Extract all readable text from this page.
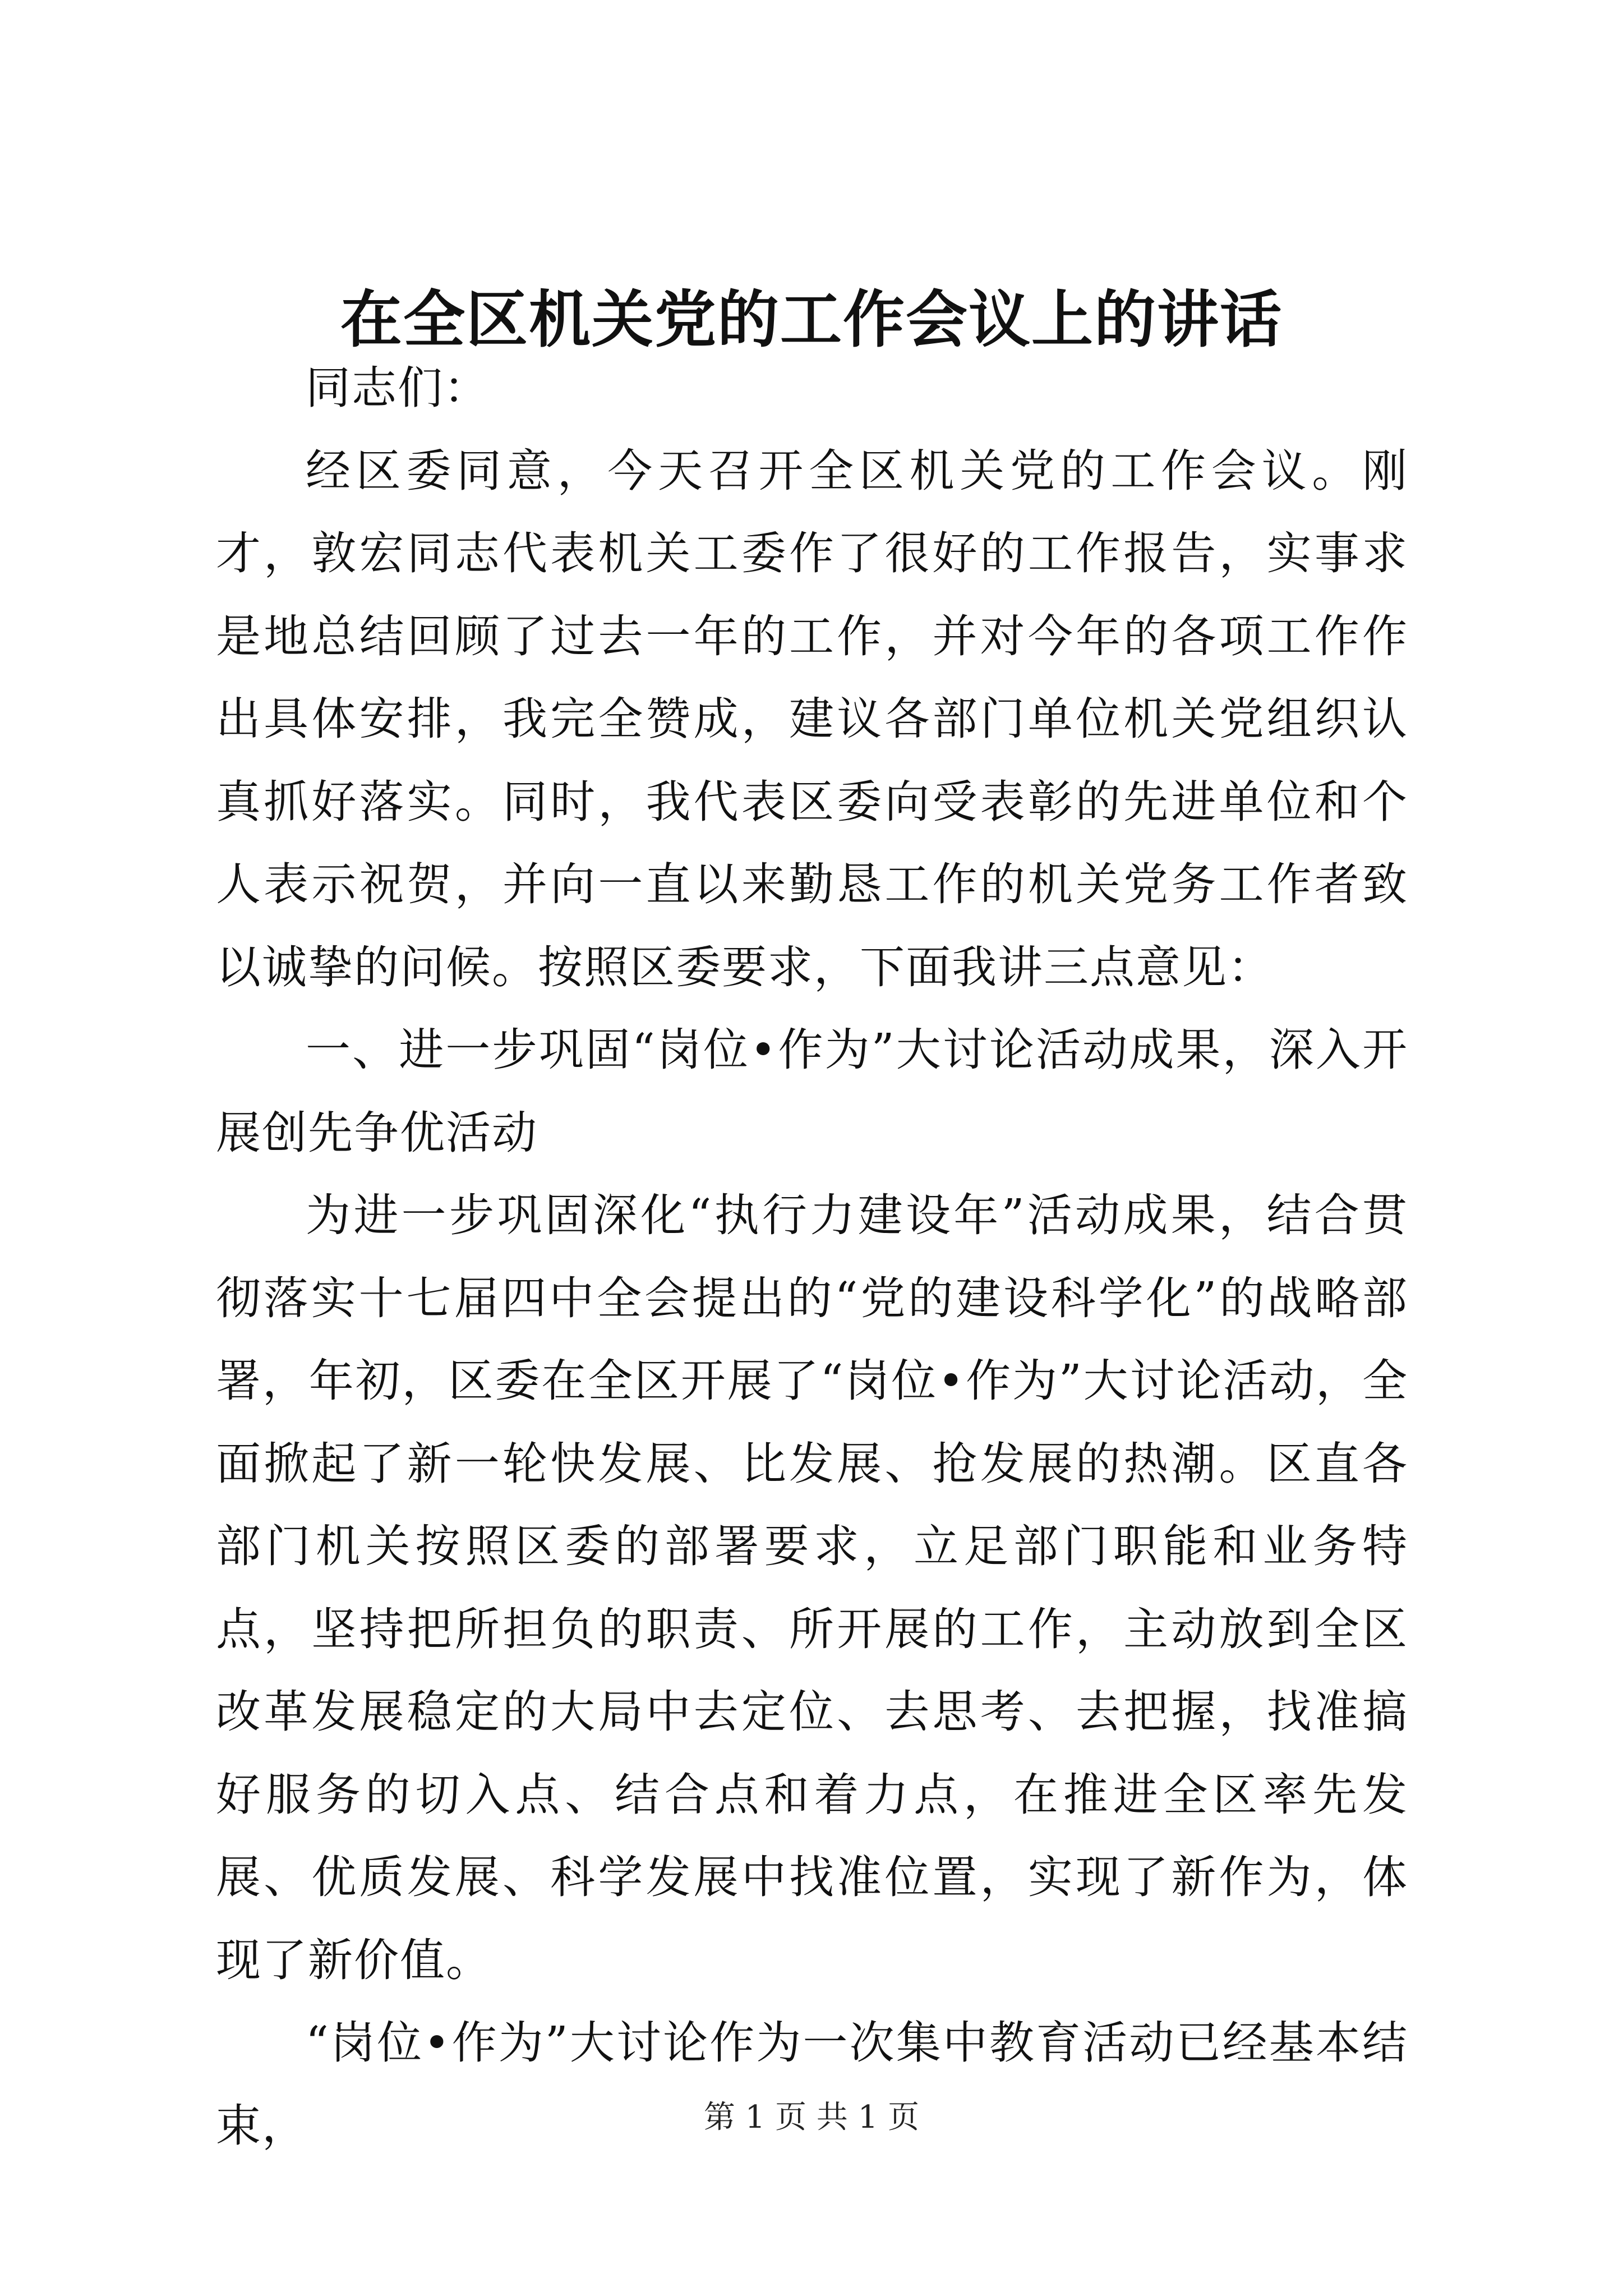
在全区机关党的工作会议上的讲话

同志们：

经区委同意，今天召开全区机关党的工作会议。刚才，敦宏同志代表机关工委作了很好的工作报告，实事求是地总结回顾了过去一年的工作，并对今年的各项工作作出具体安排，我完全赞成，建议各部门单位机关党组织认真抓好落实。同时，我代表区委向受表彰的先进单位和个人表示祝贺，并向一直以来勤恳工作的机关党务工作者致以诚挚的问候。按照区委要求，下面我讲三点意见：

一、进一步巩固“岗位•作为”大讨论活动成果，深入开展创先争优活动

为进一步巩固深化“执行力建设年”活动成果，结合贯彻落实十七届四中全会提出的“党的建设科学化”的战略部署，年初，区委在全区开展了“岗位•作为”大讨论活动，全面掀起了新一轮快发展、比发展、抢发展的热潮。区直各部门机关按照区委的部署要求，立足部门职能和业务特点，坚持把所担负的职责、所开展的工作，主动放到全区改革发展稳定的大局中去定位、去思考、去把握，找准搞好服务的切入点、结合点和着力点，在推进全区率先发展、优质发展、科学发展中找准位置，实现了新作为，体现了新价值。

“岗位•作为”大讨论作为一次集中教育活动已经基本结束，	第 1 页 共 1 页
